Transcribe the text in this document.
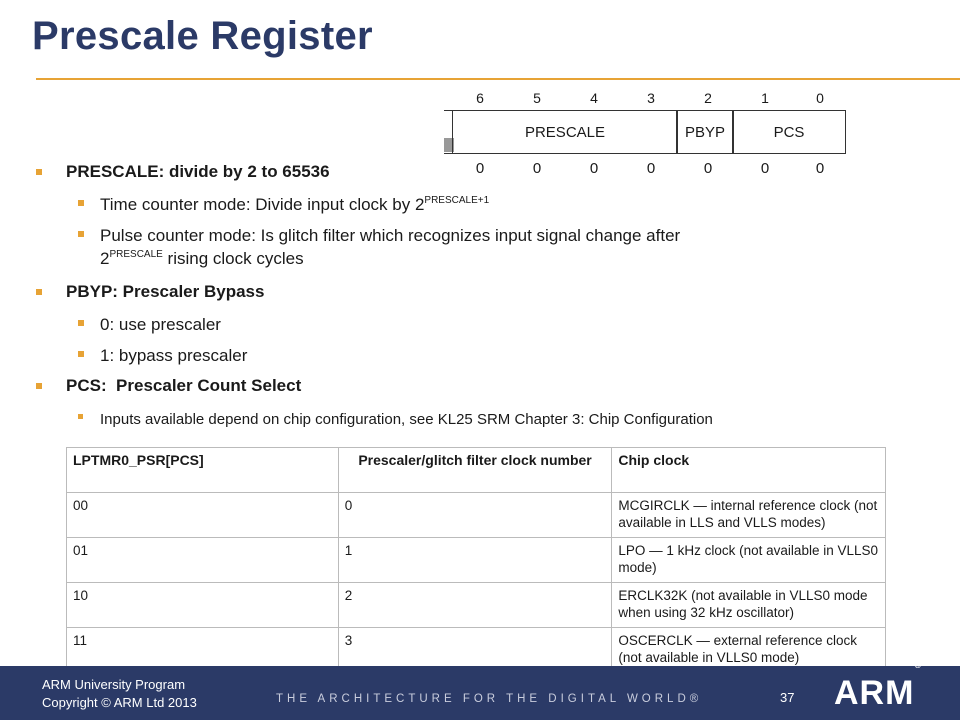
Prescale Register
6	5	4	3	2	1	0
PRESCALE	PBYP	PCS
0	0	0	0	0	0	0
PRESCALE: divide by 2 to 65536
Time counter mode: Divide input clock by $2^{PRESCALE+1}$
Pulse counter mode: Is glitch filter which recognizes input signal change after
$2^{PRESCALE}$ rising clock cycles
PBYP: Prescaler Bypass
0: use prescaler
1: bypass prescaler
PCS:  Prescaler Count Select
Inputs available depend on chip configuration, see KL25 SRM Chapter 3: Chip Configuration
LPTMR0_PSR[PCS]	Prescaler/glitch filter clock number	Chip clock
00	0	MCGIRCLK — internal reference clock (not available in LLS and VLLS modes)
01	1	LPO — 1 kHz clock (not available in VLLS0 mode)
10	2	ERCLK32K (not available in VLLS0 mode when using 32 kHz oscillator)
11	3	OSCERCLK — external reference clock (not available in VLLS0 mode)
ARM University Program
Copyright © ARM Ltd 2013	THE ARCHITECTURE FOR THE DIGITAL WORLD®	37 ARM®
